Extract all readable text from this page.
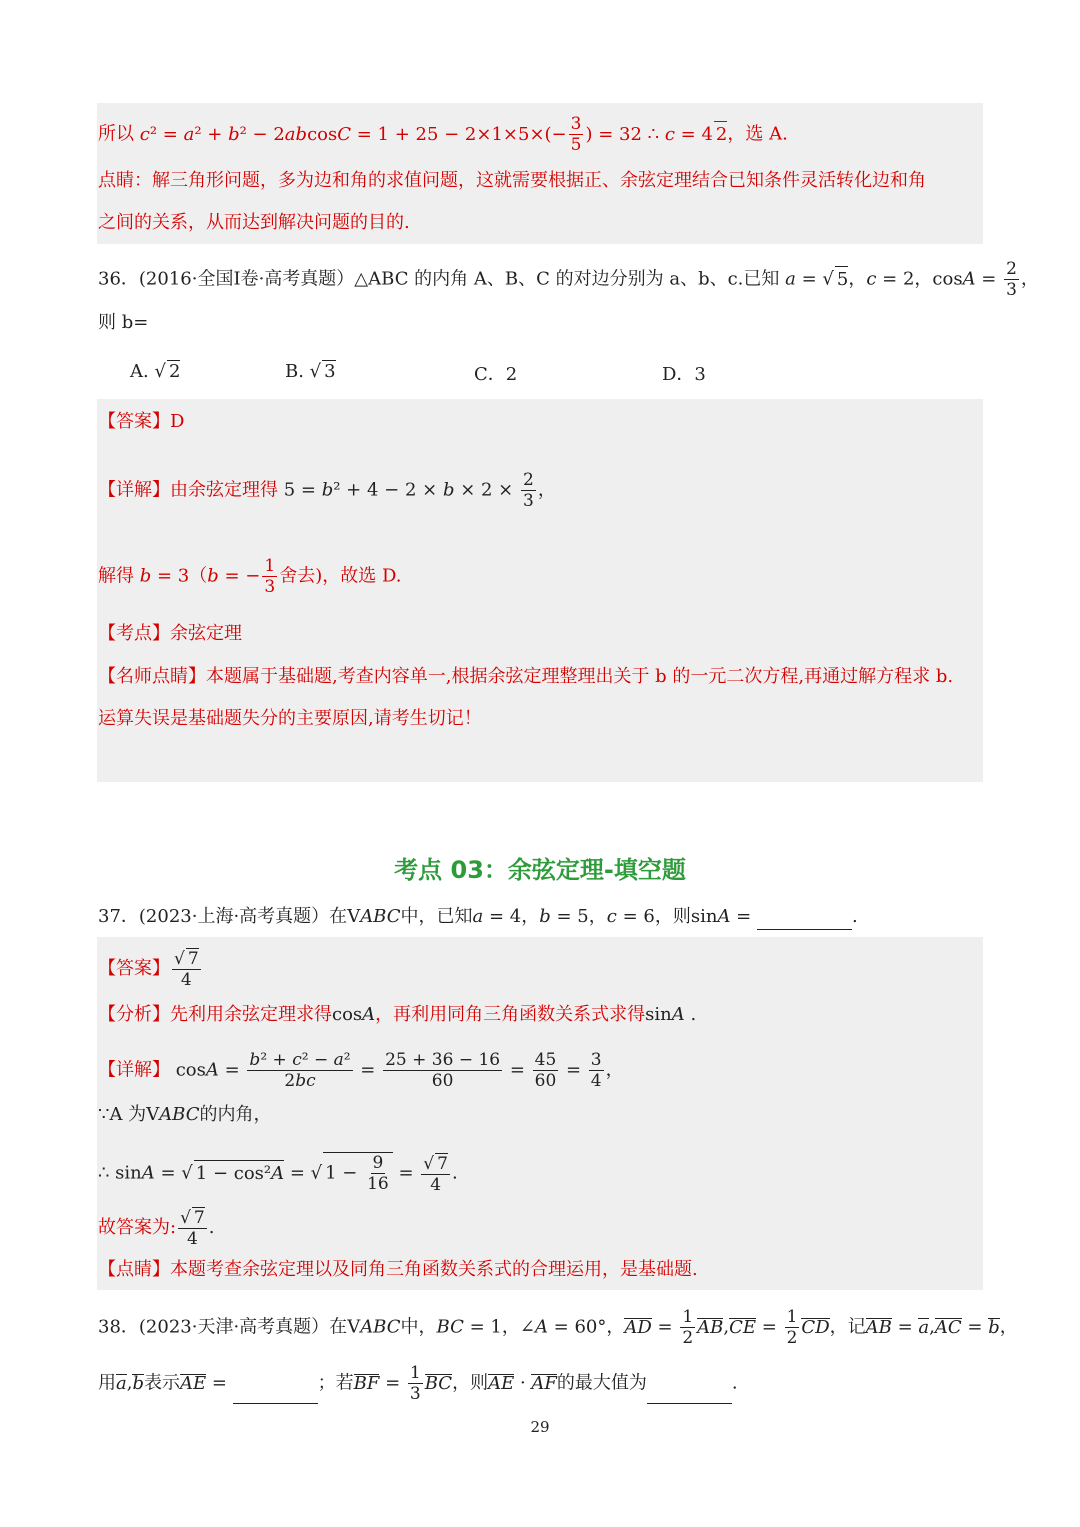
所以 $c^2 = a^2 + b^2 - 2abcosC = 1 + 25 - 2\times 1\times 5\times(- \frac{3}{5}$ ) = 32 ∴ c = 4 2，选 A.
点睛：解三角形问题，多为边和角的求值问题，这就需要根据正、余弦定理结合已知条件灵活转化边和角
之间的关系，从而达到解决问题的目的.
36．(2016·全国Ⅰ卷·高考真题）△ABC 的内角 A、B、C 的对边分别为 a、b、c.已知 a = √ 5，c = 2，$\cos A = \frac{2}{3}$ ，
则 b=
A. √ 2	B. √ 3	C．2	D．3
【答案】D
【详解】由余弦定理得 $5 = b^2 + 4 - 2 \times b \times 2 \times \frac{2}{3}$ ，
解得 b = 3（b = − $\frac{1}{3}$ 舍去)，故选 D.
【考点】余弦定理
【名师点睛】本题属于基础题,考查内容单一,根据余弦定理整理出关于 b 的一元二次方程,再通过解方程求 b.
运算失误是基础题失分的主要原因,请考生切记！
考点 03：余弦定理-填空题
37．(2023·上海·高考真题）在VABC中，已知a = 4，b = 5，c = 6，则sinA =	.
【答案】 $\frac{√ 7}{4}$
【分析】先利用余弦定理求得cosA，再利用同角三角函数关系式求得sinA .
【详解】 $\cos A = \frac{\text{b² + c² − a²}}{2bc} = \frac{25 + 36 - 16}{60} = \frac{45}{60} = \frac{3}{4}$ ，
∵A 为VABC的内角，
∴ sinA = √ 1 − cos²A = √ $1 - \frac{9}{16} = \frac{√ 7}{4}$ .
故答案为: $\frac{√ 7}{4}$ .
【点睛】本题考查余弦定理以及同角三角函数关系式的合理运用，是基础题.
38．(2023·天津·高考真题）在VABC中，BC = 1，∠A = 60°，AD = $\frac{1}{2} AB,CE = \frac{1}{2}$ CD，记AB = a,AC = b，
用a,b表示AE =	；若BF = $\frac{1}{3}$ BC，则AE · AF的最大值为	.
29
